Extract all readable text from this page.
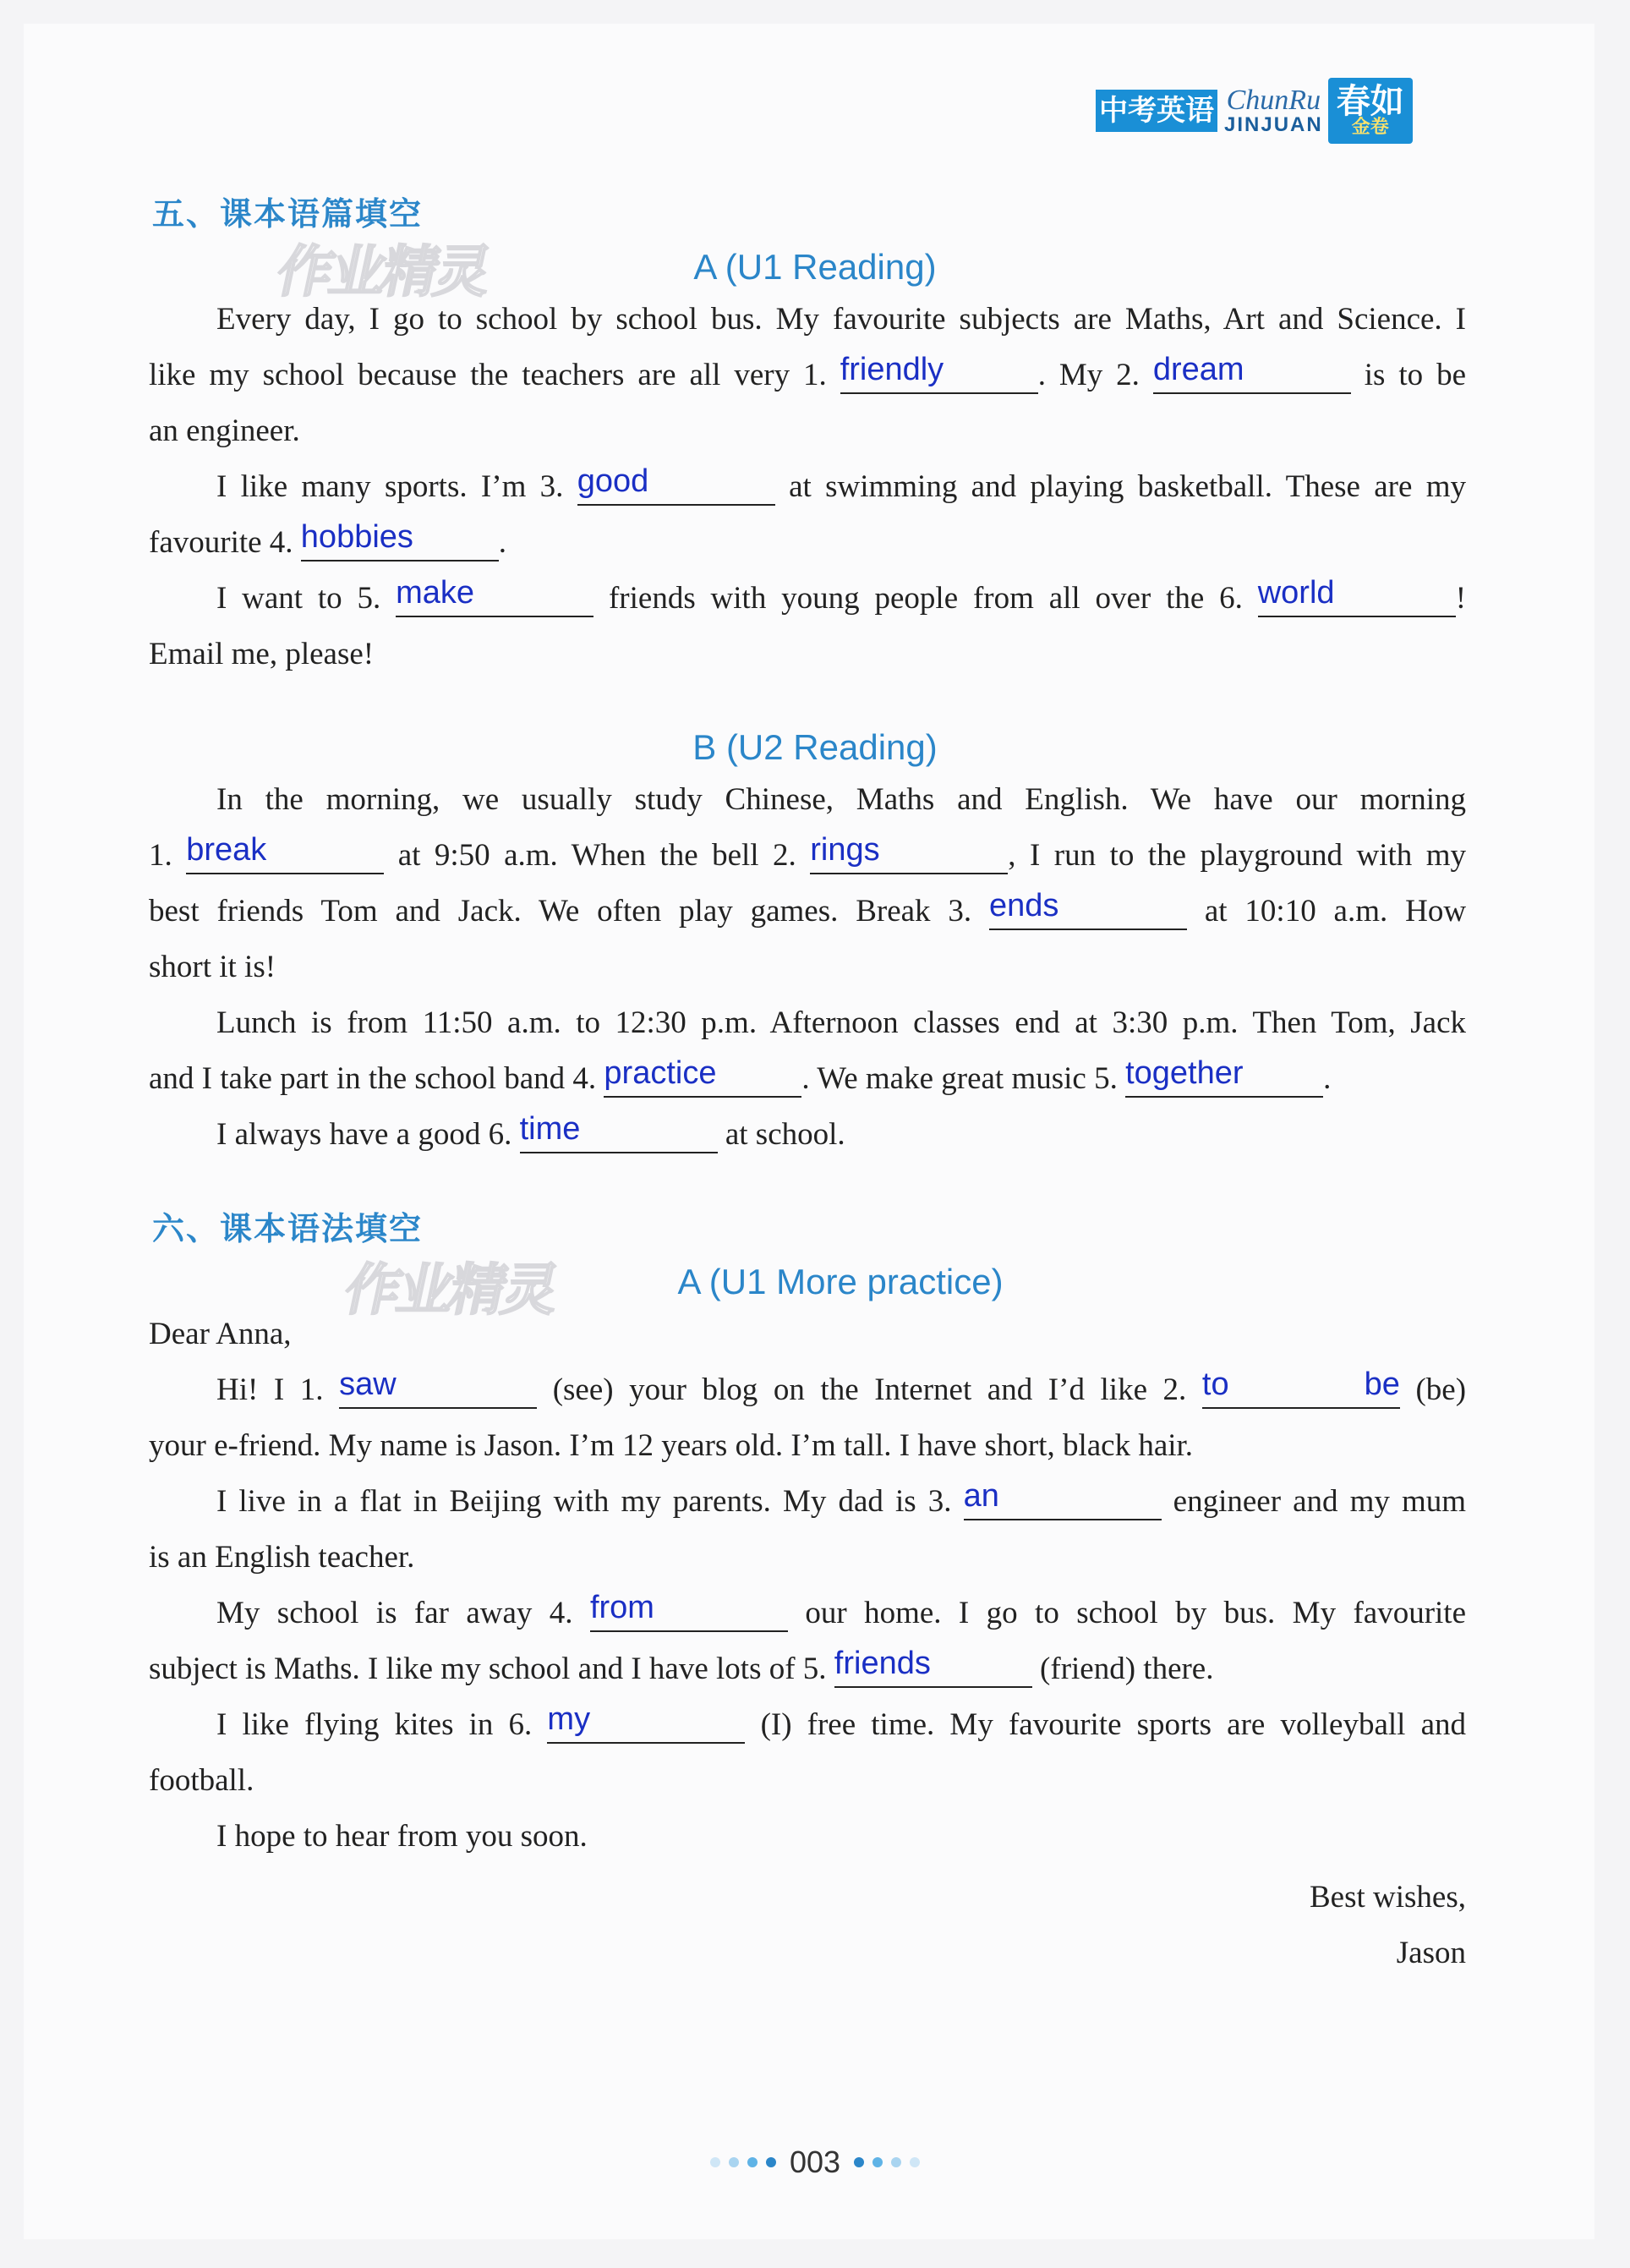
中考英语 ChunRu
JINJUAN
春如
金卷
五、课本语篇填空
作业精灵	A (U1 Reading)
Every day, I go to school by school bus. My favourite subjects are Maths, Art and Science. I
like my school because the teachers are all very 1. friendly	. My 2. dream	is to be
an engineer.
I like many sports. I’m 3. good	at swimming and playing basketball. These are my
favourite 4. hobbies	.
I want to 5. make	friends with young people from all over the 6. world	!
Email me, please!
B (U2 Reading)
In the morning, we usually study Chinese, Maths and English. We have our morning
1. break	at 9:50 a.m. When the bell 2. rings	, I run to the playground with my
best friends Tom and Jack. We often play games. Break 3. ends	at 10:10 a.m. How
short it is!
Lunch is from 11:50 a.m. to 12:30 p.m. Afternoon classes end at 3:30 p.m. Then Tom, Jack
and I take part in the school band 4. practice	. We make great music 5. together	.
I always have a good 6. time	at school.
六、课本语法填空
作业精灵	A (U1 More practice)
Dear Anna,
Hi! I 1. saw	(see) your blog on the Internet and I’d like 2. to be (be)
your e-friend. My name is Jason. I’m 12 years old. I’m tall. I have short, black hair.
I live in a flat in Beijing with my parents. My dad is 3. an	engineer and my mum
is an English teacher.
My school is far away 4. from	our home. I go to school by bus. My favourite
subject is Maths. I like my school and I have lots of 5. friends	(friend) there.
I like flying kites in 6. my	(I) free time. My favourite sports are volleyball and
football.
I hope to hear from you soon.
Best wishes,
Jason
003
